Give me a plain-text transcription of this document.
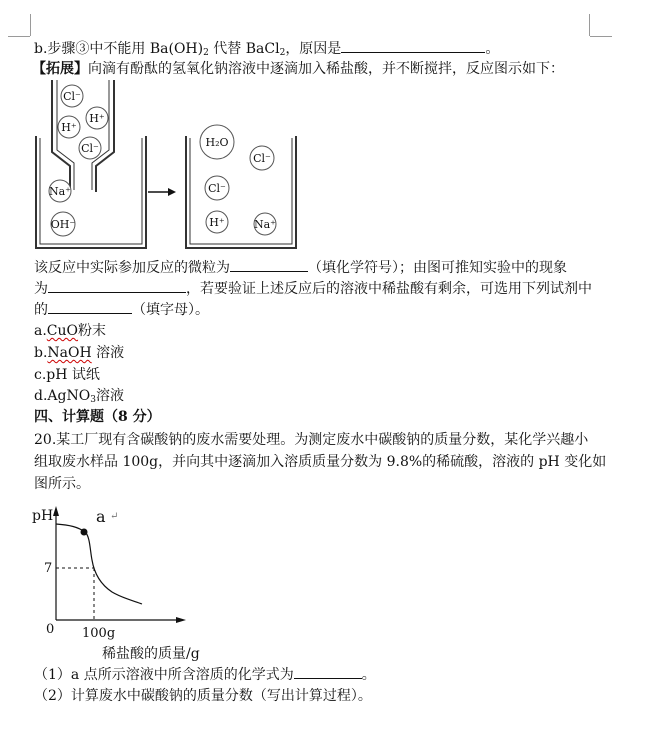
b.步骤③中不能用 $Ba(OH)_2$ 代替 BaCl$_2$，原因是	。
【拓展】向滴有酚酞的氢氧化钠溶液中逐滴加入稀盐酸，并不断搅拌，反应图示如下：
Cl⁻
H⁺
H⁺
Cl⁻
Na⁺
OH⁻
H₂O
Cl⁻
Cl⁻
H⁺	Na⁺
该反应中实际参加反应的微粒为	（填化学符号）；由图可推知实验中的现象
为	，若要验证上述反应后的溶液中稀盐酸有剩余，可选用下列试剂中
的	（填字母）。
a.CuO粉末
b.NaOH 溶液
c.pH 试纸
d.AgNO$_3$溶液
四、计算题（8 分）
20.某工厂现有含碳酸钠的废水需要处理。为测定废水中碳酸钠的质量分数，某化学兴趣小
组取废水样品 100g，并向其中逐滴加入溶质质量分数为 9.8%的稀硫酸，溶液的 pH 变化如
图所示。
pH	a ↵
7
0 100g
稀盐酸的质量/g
（1）a 点所示溶液中所含溶质的化学式为	。
（2）计算废水中碳酸钠的质量分数（写出计算过程）。
